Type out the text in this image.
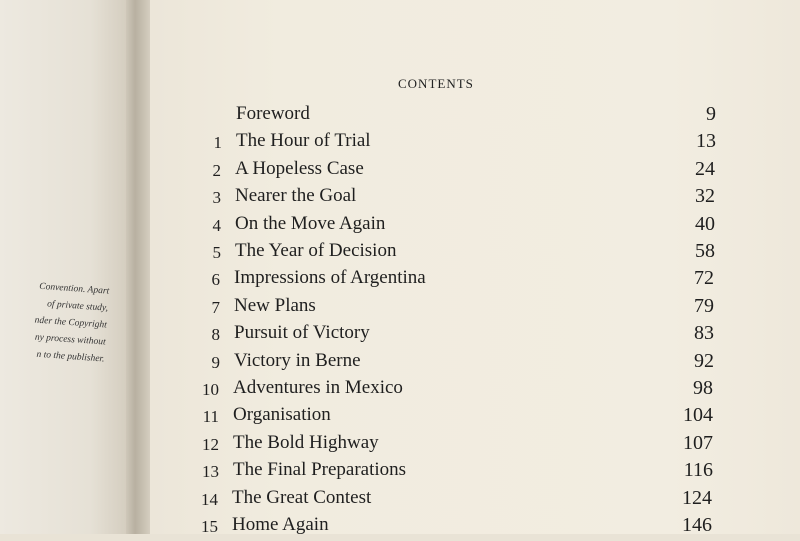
Convention. Apart
of private study,
nder the Copyright
ny process without
n to the publisher.
CONTENTS
Foreword	9
1 The Hour of Trial	13
2 A Hopeless Case	24
3 Nearer the Goal	32
4 On the Move Again	40
5 The Year of Decision	58
6 Impressions of Argentina	72
7 New Plans	79
8 Pursuit of Victory	83
9 Victory in Berne	92
10 Adventures in Mexico	98
11 Organisation	104
12 The Bold Highway	107
13 The Final Preparations	116
14 The Great Contest	124
15 Home Again	146
